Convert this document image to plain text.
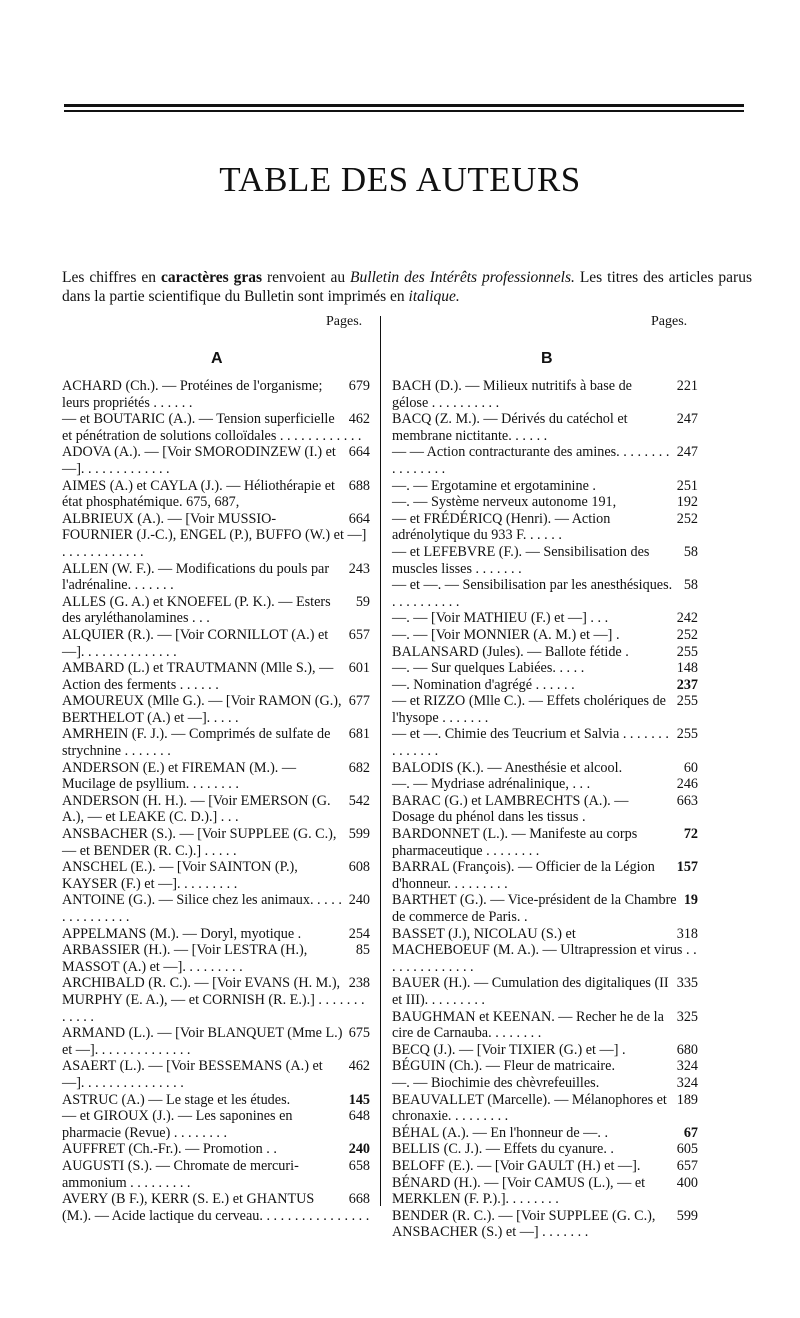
TABLE DES AUTEURS

Les chiffres en caractères gras renvoient au Bulletin des Intérêts professionnels. Les titres des articles parus dans la partie scientifique du Bulletin sont imprimés en italique.

Pages.	Pages.
A	B

679
ACHARD (Ch.). — Protéines de l'organisme; leurs propriétés . . . . . .

462
— et BOUTARIC (A.). — Tension superficielle et pénétration de solutions colloïdales . . . . . . . . . . . .

664
ADOVA (A.). — [Voir SMORODINZEW (I.) et —]. . . . . . . . . . . . .

688
AIMES (A.) et CAYLA (J.). — Héliothérapie et état phosphatémique. 675, 687,

664
ALBRIEUX (A.). — [Voir MUSSIO-FOURNIER (J.-C.), ENGEL (P.), BUFFO (W.) et —] . . . . . . . . . . . .

243
ALLEN (W. F.). — Modifications du pouls par l'adrénaline. . . . . . .

59
ALLES (G. A.) et KNOEFEL (P. K.). — Esters des aryléthanolamines . . .

657
ALQUIER (R.). — [Voir CORNILLOT (A.) et —]. . . . . . . . . . . . . .

601
AMBARD (L.) et TRAUTMANN (Mlle S.), — Action des ferments . . . . . .

677
AMOUREUX (Mlle G.). — [Voir RAMON (G.), BERTHELOT (A.) et —]. . . . .

681
AMRHEIN (F. J.). — Comprimés de sulfate de strychnine . . . . . . .

682
ANDERSON (E.) et FIREMAN (M.). — Mucilage de psyllium. . . . . . . .

542
ANDERSON (H. H.). — [Voir EMERSON (G. A.), — et LEAKE (C. D.).] . . .

599
ANSBACHER (S.). — [Voir SUPPLEE (G. C.), — et BENDER (R. C.).] . . . . .

608
ANSCHEL (E.). — [Voir SAINTON (P.), KAYSER (F.) et —]. . . . . . . . .

240
ANTOINE (G.). — Silice chez les animaux. . . . . . . . . . . . . . .

254
APPELMANS (M.). — Doryl, myotique .

85
ARBASSIER (H.). — [Voir LESTRA (H.), MASSOT (A.) et —]. . . . . . . . .

238
ARCHIBALD (R. C.). — [Voir EVANS (H. M.), MURPHY (E. A.), — et CORNISH (R. E.).] . . . . . . . . . . . .

675
ARMAND (L.). — [Voir BLANQUET (Mme L.) et —]. . . . . . . . . . . . . .

462
ASAERT (L.). — [Voir BESSEMANS (A.) et —]. . . . . . . . . . . . . . .

145
ASTRUC (A.) — Le stage et les études.

648
— et GIROUX (J.). — Les saponines en pharmacie (Revue) . . . . . . . .

240
AUFFRET (Ch.-Fr.). — Promotion . .

658
AUGUSTI (S.). — Chromate de mercuri-ammonium . . . . . . . . .

668
AVERY (B F.), KERR (S. E.) et GHANTUS (M.). — Acide lactique du cerveau. . . . . . . . . . . . . . . .

221
BACH (D.). — Milieux nutritifs à base de gélose . . . . . . . . . .

247
BACQ (Z. M.). — Dérivés du catéchol et membrane nictitante. . . . . .

247
— — Action contracturante des amines. . . . . . . . . . . . . . . .

251
—. — Ergotamine et ergotaminine .

192
—. — Système nerveux autonome 191,

252
— et FRÉDÉRICQ (Henri). — Action adrénolytique du 933 F. . . . . .

58
— et LEFEBVRE (F.). — Sensibilisation des muscles lisses . . . . . . .

58
— et —. — Sensibilisation par les anesthésiques. . . . . . . . . . .

242
—. — [Voir MATHIEU (F.) et —] . . .

252
—. — [Voir MONNIER (A. M.) et —] .

255
BALANSARD (Jules). — Ballote fétide .

148
—. — Sur quelques Labiées. . . . .

237
—. Nomination d'agrégé . . . . . .

255
— et RIZZO (Mlle C.). — Effets cholériques de l'hysope . . . . . . .

255
— et —. Chimie des Teucrium et Salvia . . . . . . . . . . . . . .

60
BALODIS (K.). — Anesthésie et alcool.

246
—. — Mydriase adrénalinique, . . .

663
BARAC (G.) et LAMBRECHTS (A.). — Dosage du phénol dans les tissus .

72
BARDONNET (L.). — Manifeste au corps pharmaceutique . . . . . . . .

157
BARRAL (François). — Officier de la Légion d'honneur. . . . . . . . .

19
BARTHET (G.). — Vice-président de la Chambre de commerce de Paris. .

318
BASSET (J.), NICOLAU (S.) et MACHEBOEUF (M. A.). — Ultrapression et virus . . . . . . . . . . . . . .

335
BAUER (H.). — Cumulation des digitaliques (II et III). . . . . . . . .

325
BAUGHMAN et KEENAN. — Recher he de la cire de Carnauba. . . . . . . .

680
BECQ (J.). — [Voir TIXIER (G.) et —] .

324
BÉGUIN (Ch.). — Fleur de matricaire.

324
—. — Biochimie des chèvrefeuilles.

189
BEAUVALLET (Marcelle). — Mélanophores et chronaxie. . . . . . . . .

67
BÉHAL (A.). — En l'honneur de —. .

605
BELLIS (C. J.). — Effets du cyanure. .

657
BELOFF (E.). — [Voir GAULT (H.) et —].

400
BÉNARD (H.). — [Voir CAMUS (L.), — et MERKLEN (F. P.).]. . . . . . . .

599
BENDER (R. C.). — [Voir SUPPLEE (G. C.), ANSBACHER (S.) et —] . . . . . . .
